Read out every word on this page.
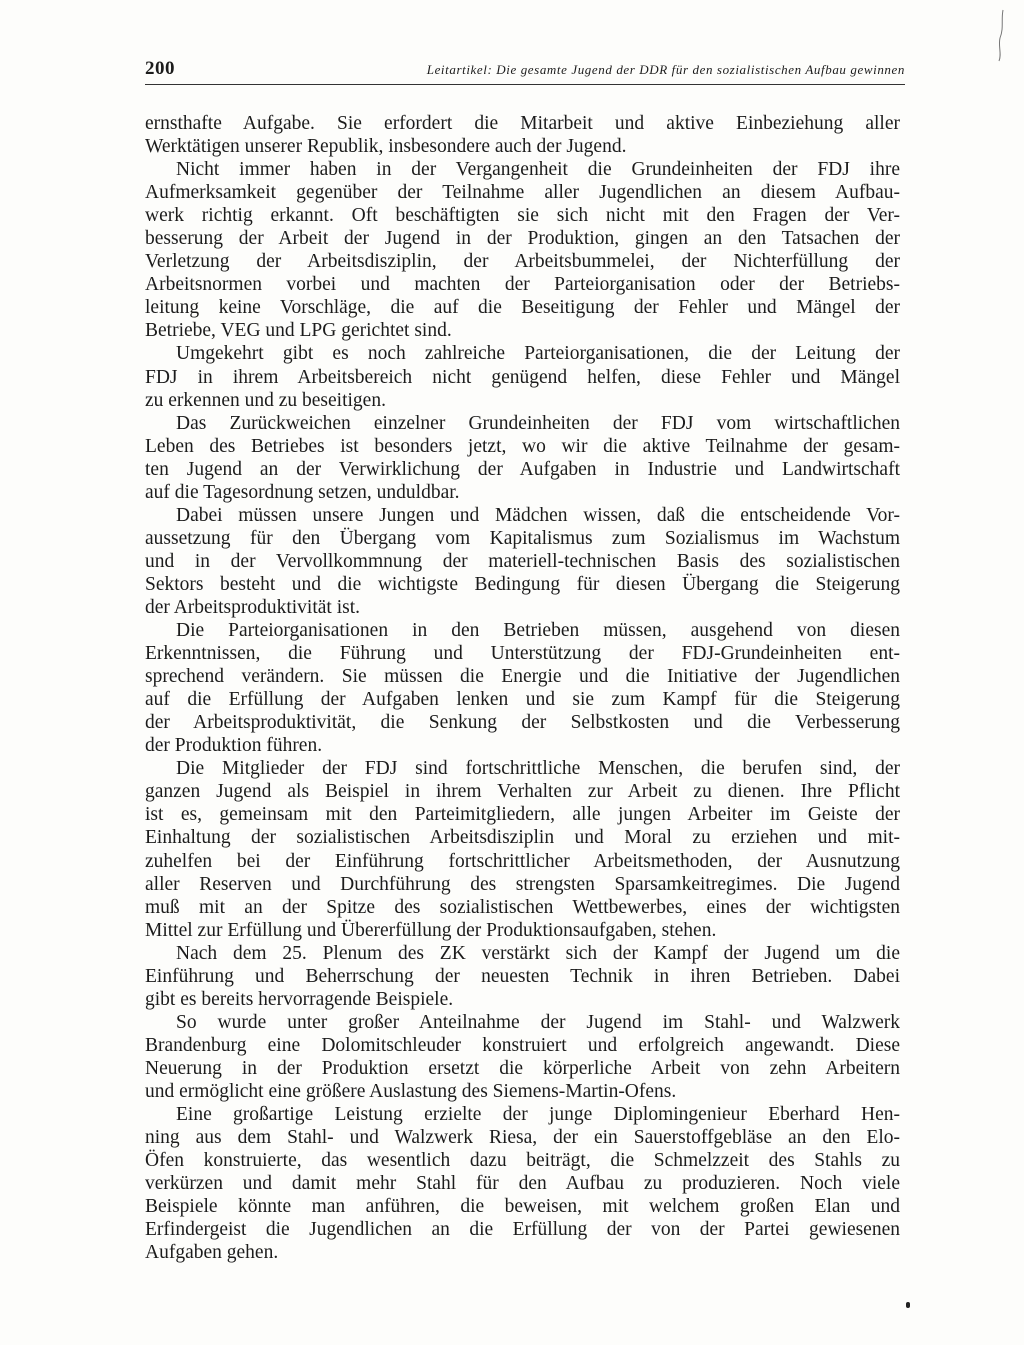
200	Leitartikel: Die gesamte Jugend der DDR für den sozialistischen Aufbau gewinnen
ernsthafte Aufgabe. Sie erfordert die Mitarbeit und aktive Einbeziehung aller
Werktätigen unserer Republik, insbesondere auch der Jugend.
Nicht immer haben in der Vergangenheit die Grundeinheiten der FDJ ihre
Aufmerksamkeit gegenüber der Teilnahme aller Jugendlichen an diesem Aufbau-
werk richtig erkannt. Oft beschäftigten sie sich nicht mit den Fragen der Ver-
besserung der Arbeit der Jugend in der Produktion, gingen an den Tatsachen der
Verletzung der Arbeitsdisziplin, der Arbeitsbummelei, der Nichterfüllung der
Arbeitsnormen vorbei und machten der Parteiorganisation oder der Betriebs-
leitung keine Vorschläge, die auf die Beseitigung der Fehler und Mängel der
Betriebe, VEG und LPG gerichtet sind.
Umgekehrt gibt es noch zahlreiche Parteiorganisationen, die der Leitung der
FDJ in ihrem Arbeitsbereich nicht genügend helfen, diese Fehler und Mängel
zu erkennen und zu beseitigen.
Das Zurückweichen einzelner Grundeinheiten der FDJ vom wirtschaftlichen
Leben des Betriebes ist besonders jetzt, wo wir die aktive Teilnahme der gesam-
ten Jugend an der Verwirklichung der Aufgaben in Industrie und Landwirtschaft
auf die Tagesordnung setzen, unduldbar.
Dabei müssen unsere Jungen und Mädchen wissen, daß die entscheidende Vor-
aussetzung für den Übergang vom Kapitalismus zum Sozialismus im Wachstum
und in der Vervollkommnung der materiell-technischen Basis des sozialistischen
Sektors besteht und die wichtigste Bedingung für diesen Übergang die Steigerung
der Arbeitsproduktivität ist.
Die Parteiorganisationen in den Betrieben müssen, ausgehend von diesen
Erkenntnissen, die Führung und Unterstützung der FDJ-Grundeinheiten ent-
sprechend verändern. Sie müssen die Energie und die Initiative der Jugendlichen
auf die Erfüllung der Aufgaben lenken und sie zum Kampf für die Steigerung
der Arbeitsproduktivität, die Senkung der Selbstkosten und die Verbesserung
der Produktion führen.
Die Mitglieder der FDJ sind fortschrittliche Menschen, die berufen sind, der
ganzen Jugend als Beispiel in ihrem Verhalten zur Arbeit zu dienen. Ihre Pflicht
ist es, gemeinsam mit den Parteimitgliedern, alle jungen Arbeiter im Geiste der
Einhaltung der sozialistischen Arbeitsdisziplin und Moral zu erziehen und mit-
zuhelfen bei der Einführung fortschrittlicher Arbeitsmethoden, der Ausnutzung
aller Reserven und Durchführung des strengsten Sparsamkeitregimes. Die Jugend
muß mit an der Spitze des sozialistischen Wettbewerbes, eines der wichtigsten
Mittel zur Erfüllung und Übererfüllung der Produktionsaufgaben, stehen.
Nach dem 25. Plenum des ZK verstärkt sich der Kampf der Jugend um die
Einführung und Beherrschung der neuesten Technik in ihren Betrieben. Dabei
gibt es bereits hervorragende Beispiele.
So wurde unter großer Anteilnahme der Jugend im Stahl- und Walzwerk
Brandenburg eine Dolomitschleuder konstruiert und erfolgreich angewandt. Diese
Neuerung in der Produktion ersetzt die körperliche Arbeit von zehn Arbeitern
und ermöglicht eine größere Auslastung des Siemens-Martin-Ofens.
Eine großartige Leistung erzielte der junge Diplomingenieur Eberhard Hen-
ning aus dem Stahl- und Walzwerk Riesa, der ein Sauerstoffgebläse an den Elo-
Öfen konstruierte, das wesentlich dazu beiträgt, die Schmelzzeit des Stahls zu
verkürzen und damit mehr Stahl für den Aufbau zu produzieren. Noch viele
Beispiele könnte man anführen, die beweisen, mit welchem großen Elan und
Erfindergeist die Jugendlichen an die Erfüllung der von der Partei gewiesenen
Aufgaben gehen.
